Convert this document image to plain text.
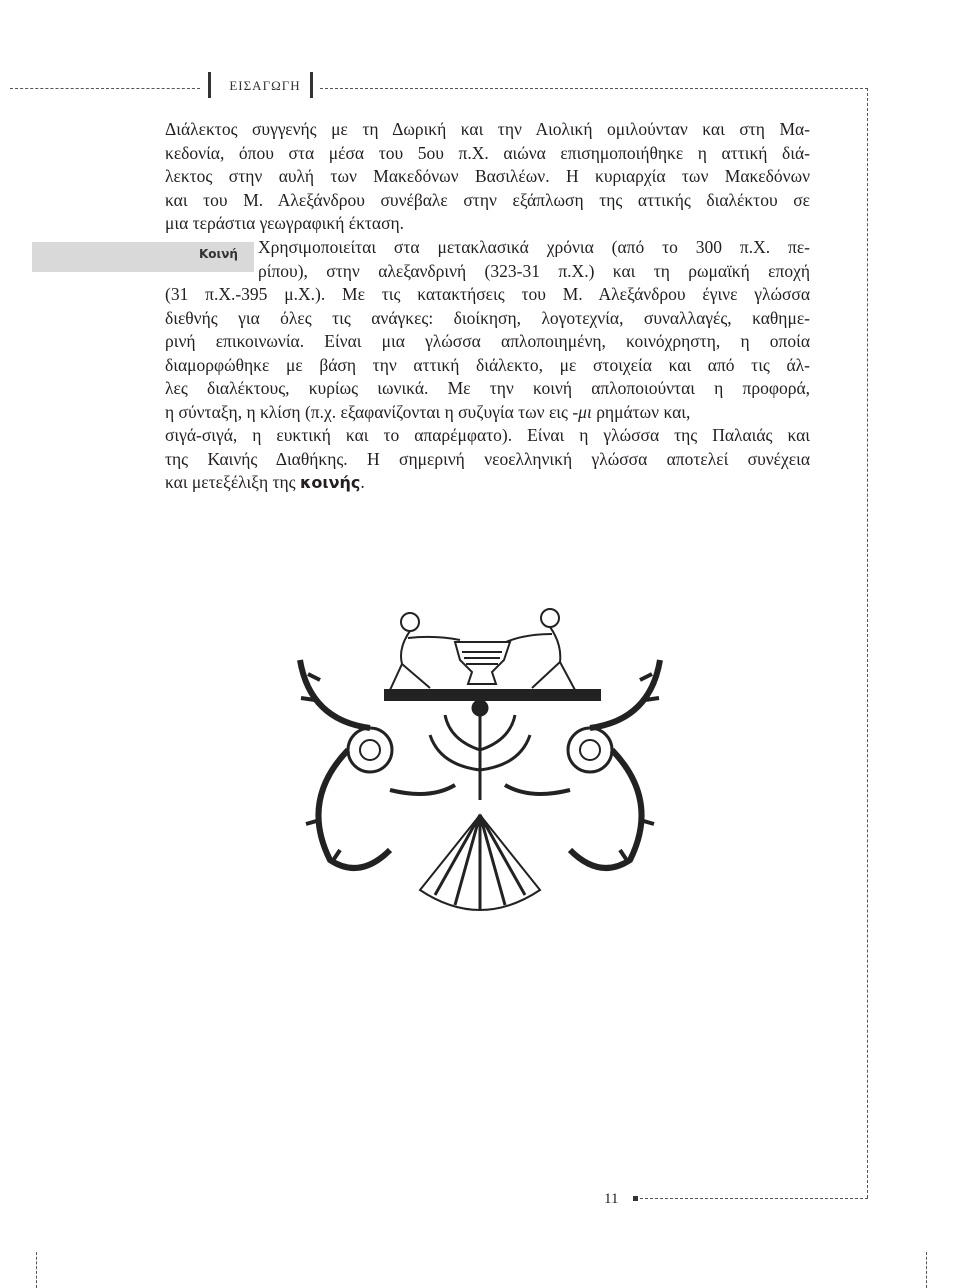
ΕΙΣΑΓΩΓΗ
Διάλεκτος συγγενής με τη Δωρική και την Αιολική ομιλούνταν και στη Μα-
κεδονία, όπου στα μέσα του 5ου π.Χ. αιώνα επισημοποιήθηκε η αττική διά-
λεκτος στην αυλή των Μακεδόνων Βασιλέων. Η κυριαρχία των Μακεδόνων
και του Μ. Αλεξάνδρου συνέβαλε στην εξάπλωση της αττικής διαλέκτου σε
μια τεράστια γεωγραφική έκταση.
Κοινή Χρησιμοποιείται στα μετακλασικά χρόνια (από το 300 π.Χ. πε-
ρίπου), στην αλεξανδρινή (323-31 π.Χ.) και τη ρωμαϊκή εποχή
(31 π.Χ.-395 μ.Χ.). Με τις κατακτήσεις του Μ. Αλεξάνδρου έγινε γλώσσα
διεθνής για όλες τις ανάγκες: διοίκηση, λογοτεχνία, συναλλαγές, καθημε-
ρινή επικοινωνία. Είναι μια γλώσσα απλοποιημένη, κοινόχρηστη, η οποία
διαμορφώθηκε με βάση την αττική διάλεκτο, με στοιχεία και από τις άλ-
λες διαλέκτους, κυρίως ιωνικά. Με την κοινή απλοποιούνται η προφορά,
η σύνταξη, η κλίση (π.χ. εξαφανίζονται η συζυγία των εις - μι ρημάτων και,
σιγά-σιγά, η ευκτική και το απαρέμφατο). Είναι η γλώσσα της Παλαιάς και
της Καινής Διαθήκης. Η σημερινή νεοελληνική γλώσσα αποτελεί συνέχεια
και μετεξέλιξη της κοινής.
11
